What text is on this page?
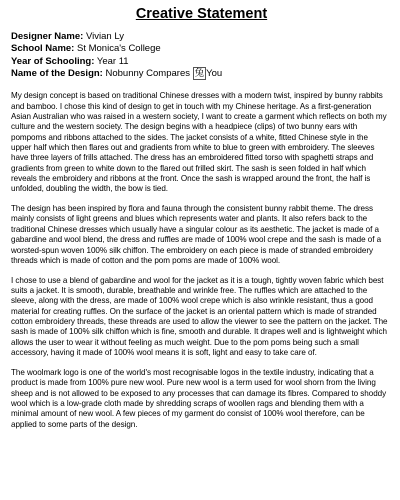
Creative Statement
Designer Name: Vivian Ly
School Name: St Monica's College
Year of Schooling: Year 11
Name of the Design: Nobunny Compares 兔 You

My design concept is based on traditional Chinese dresses with a modern twist, inspired by bunny rabbits and bamboo. I chose this kind of design to get in touch with my Chinese heritage. As a first-generation Asian Australian who was raised in a western society, I want to create a garment which reflects on both my culture and the western society. The design begins with a headpiece (clips) of two bunny ears with pompoms and ribbons attached to the sides. The jacket consists of a white, fitted Chinese style in the upper half which then flares out and gradients from white to blue to green with embroidery. The sleeves have three layers of frills attached. The dress has an embroidered fitted torso with spaghetti straps and gradients from green to white down to the flared out frilled skirt. The sash is seen folded in half which reveals the embroidery and ribbons at the front. Once the sash is wrapped around the front, the half is unfolded, doubling the width, the bow is tied.

The design has been inspired by flora and fauna through the consistent bunny rabbit theme. The dress mainly consists of light greens and blues which represents water and plants. It also refers back to the traditional Chinese dresses which usually have a singular colour as its aesthetic. The jacket is made of a gabardine and wool blend, the dress and ruffles are made of 100% wool crepe and the sash is made of a worsted-spun woven 100% silk chiffon. The embroidery on each piece is made of stranded embroidery threads which is made of cotton and the pom poms are made of 100% wool.

I chose to use a blend of gabardine and wool for the jacket as it is a tough, tightly woven fabric which best suits a jacket. It is smooth, durable, breathable and wrinkle free. The ruffles which are attached to the sleeve, along with the dress, are made of 100% wool crepe which is also wrinkle resistant, thus a good material for creating ruffles. On the surface of the jacket is an oriental pattern which is made of stranded cotton embroidery threads, these threads are used to allow the viewer to see the pattern on the jacket. The sash is made of 100% silk chiffon which is fine, smooth and durable. It drapes well and is lightweight which allows the user to wear it without feeling as much weight. Due to the pom poms being such a small accessory, having it made of 100% wool means it is soft, light and easy to take care of.

The woolmark logo is one of the world's most recognisable logos in the textile industry, indicating that a product is made from 100% pure new wool. Pure new wool is a term used for wool shorn from the living sheep and is not allowed to be exposed to any processes that can damage its fibres. Compared to shoddy wool which is a low-grade cloth made by shredding scraps of woollen rags and blending them with a minimal amount of new wool. A few pieces of my garment do consist of 100% wool therefore, can be applied to some parts of the design.
